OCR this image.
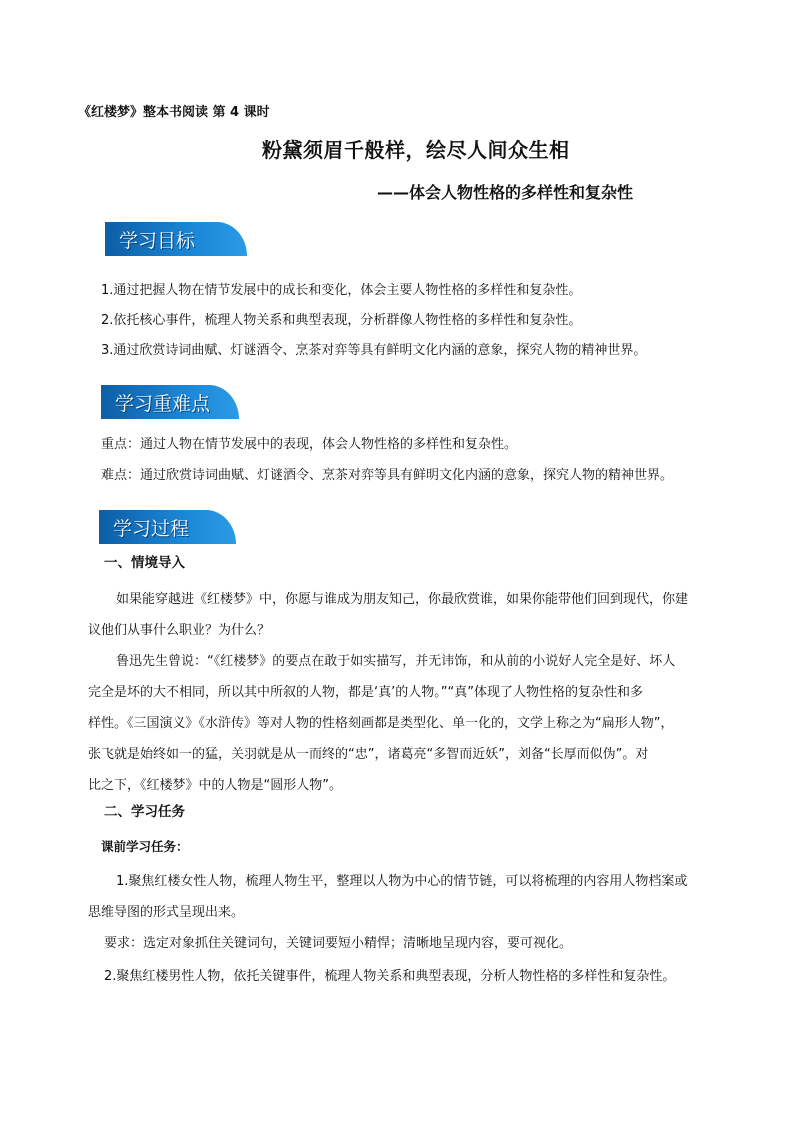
《红楼梦》整本书阅读 第 4 课时
粉黛须眉千般样，绘尽人间众生相
——体会人物性格的多样性和复杂性
学习目标
1.通过把握人物在情节发展中的成长和变化，体会主要人物性格的多样性和复杂性。
2.依托核心事件，梳理人物关系和典型表现，分析群像人物性格的多样性和复杂性。
3.通过欣赏诗词曲赋、灯谜酒令、烹茶对弈等具有鲜明文化内涵的意象，探究人物的精神世界。
学习重难点
重点：通过人物在情节发展中的表现，体会人物性格的多样性和复杂性。
难点：通过欣赏诗词曲赋、灯谜酒令、烹茶对弈等具有鲜明文化内涵的意象，探究人物的精神世界。
学习过程
一、情境导入
如果能穿越进《红楼梦》中，你愿与谁成为朋友知己，你最欣赏谁，如果你能带他们回到现代，你建
议他们从事什么职业？为什么？
鲁迅先生曾说：“《红楼梦》的要点在敢于如实描写，并无讳饰，和从前的小说好人完全是好、坏人
完全是坏的大不相同，所以其中所叙的人物，都是‘真’的人物。”“真”体现了人物性格的复杂性和多
样性。《三国演义》《水浒传》等对人物的性格刻画都是类型化、单一化的，文学上称之为“扁形人物”，
张飞就是始终如一的猛，关羽就是从一而终的“忠”，诸葛亮“多智而近妖”，刘备“长厚而似伪”。对
比之下，《红楼梦》中的人物是“圆形人物”。
二、学习任务
课前学习任务：
1.聚焦红楼女性人物，梳理人物生平，整理以人物为中心的情节链，可以将梳理的内容用人物档案或
思维导图的形式呈现出来。
要求：选定对象抓住关键词句，关键词要短小精悍；清晰地呈现内容，要可视化。
2.聚焦红楼男性人物，依托关键事件，梳理人物关系和典型表现，分析人物性格的多样性和复杂性。
